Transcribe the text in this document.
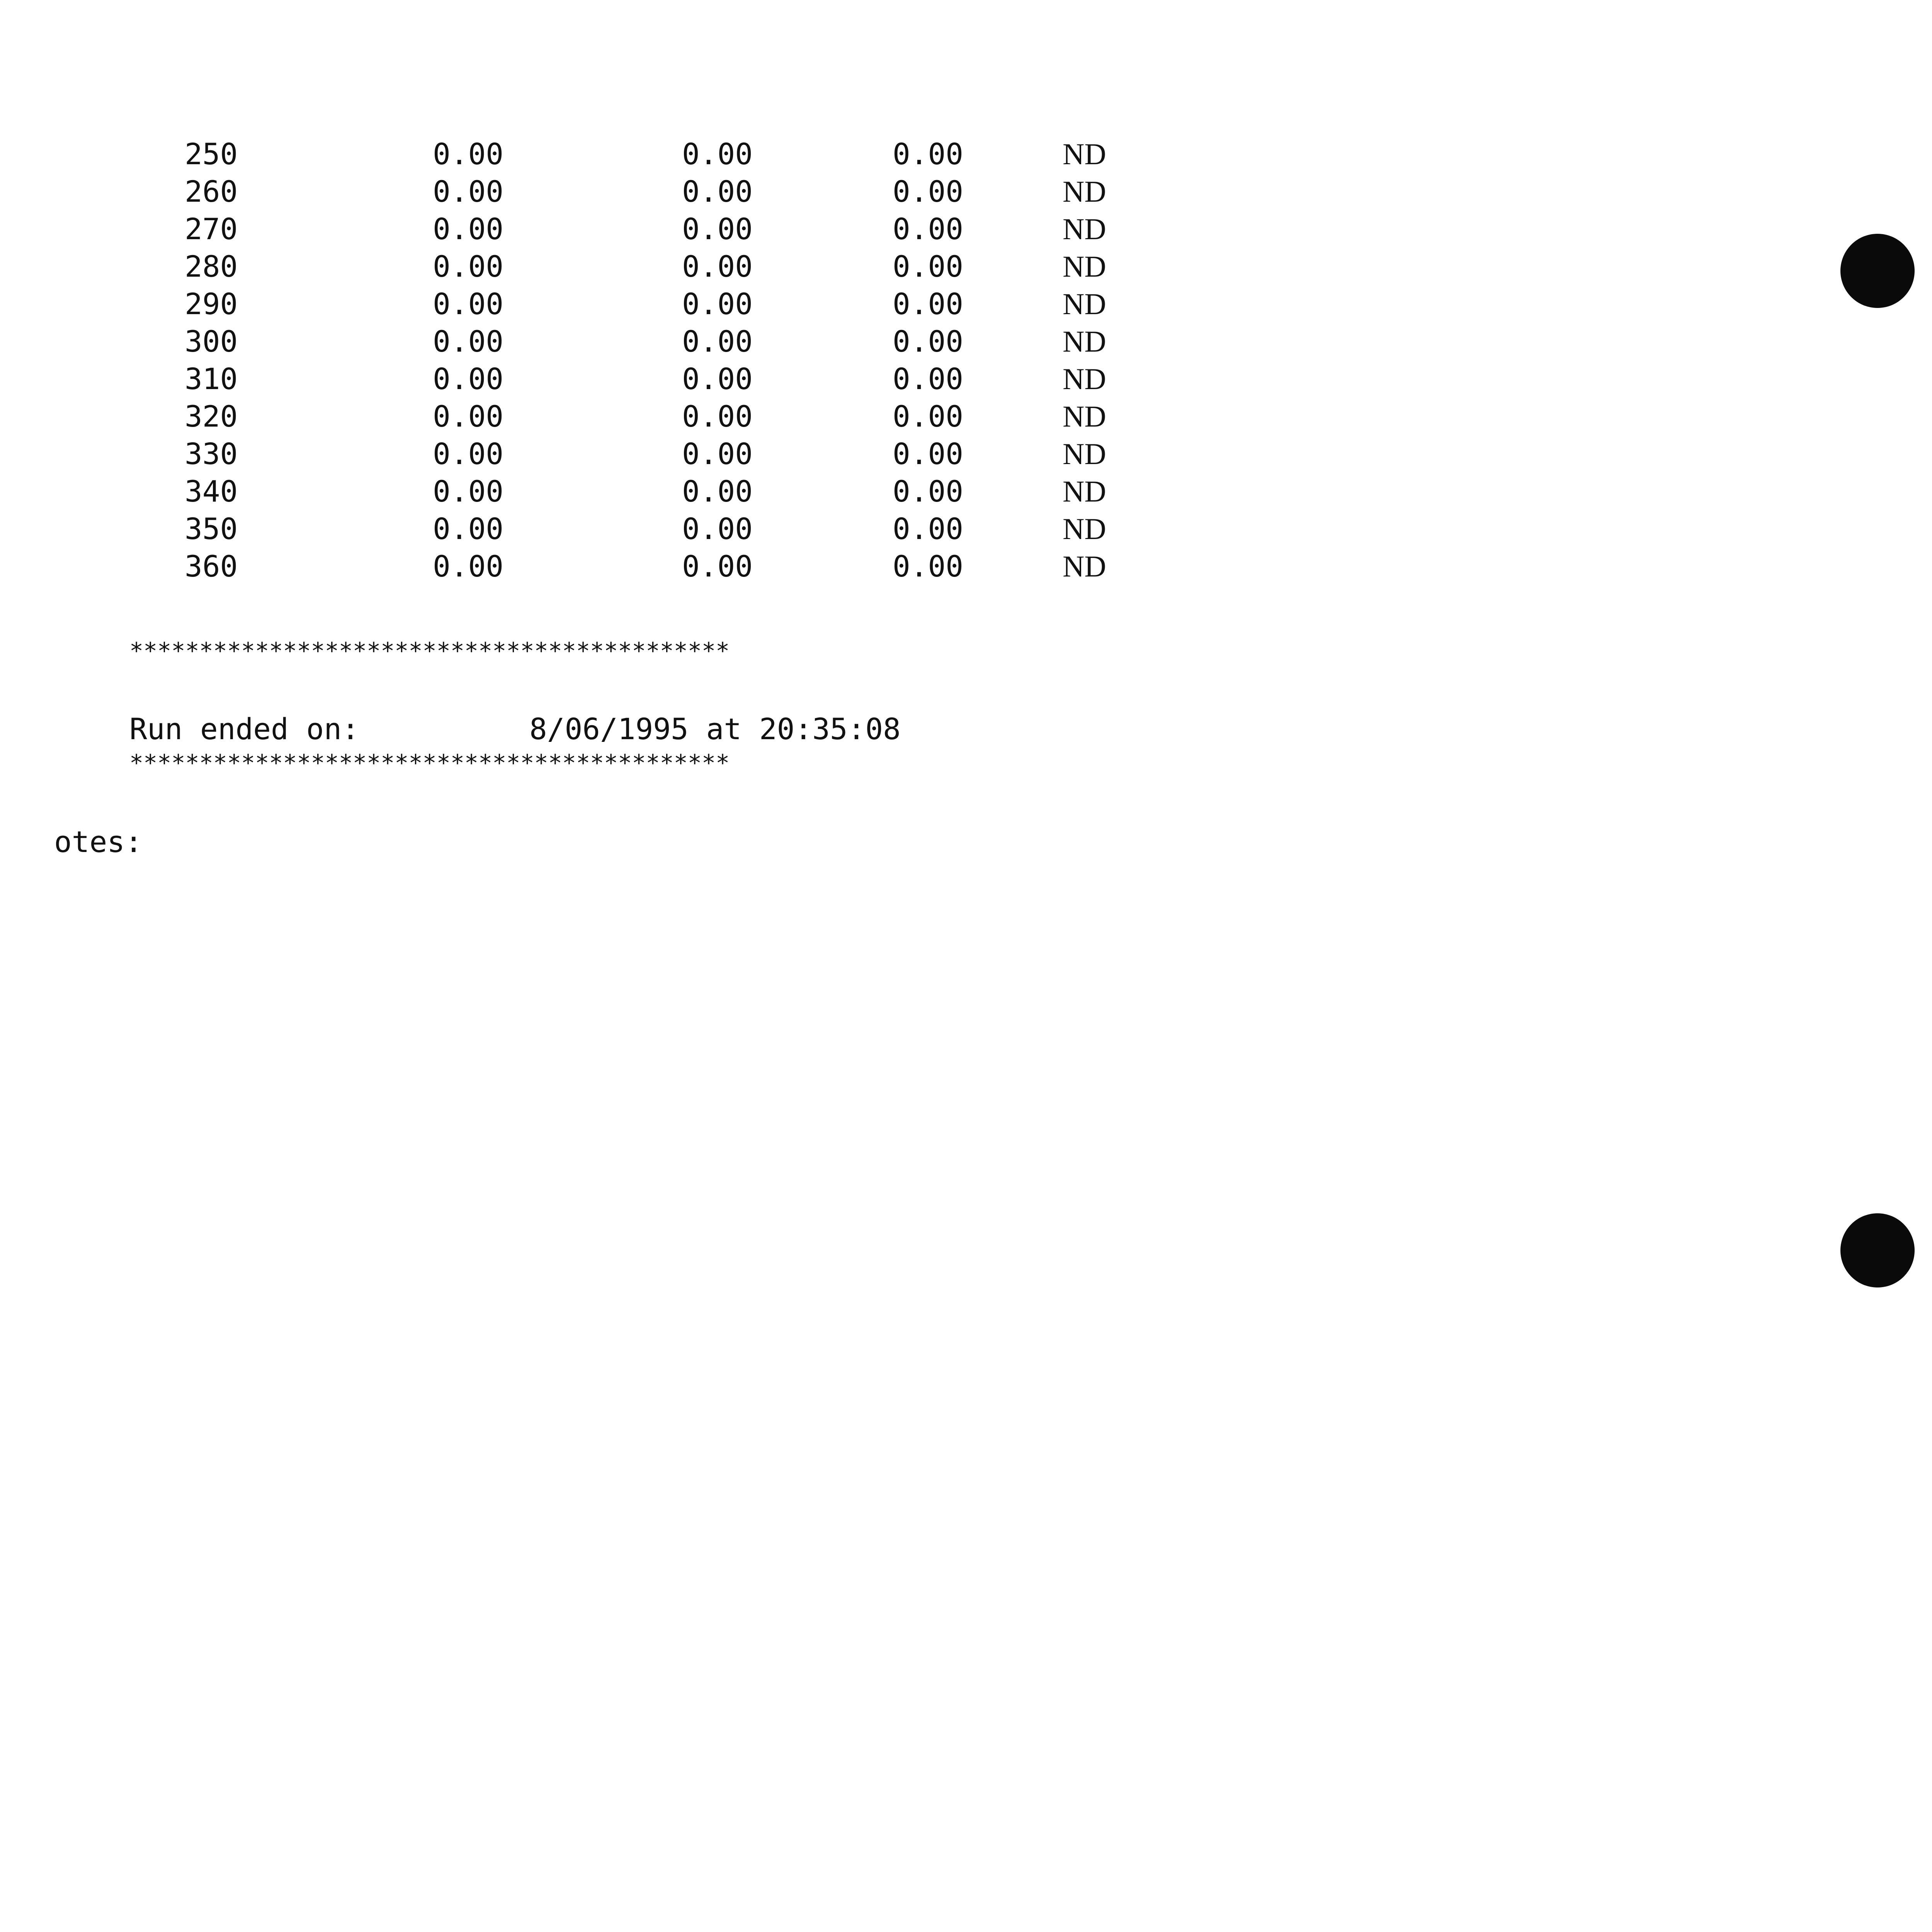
250	0.00	0.00	0.00	ND
260	0.00	0.00	0.00	ND
270	0.00	0.00	0.00	ND
280	0.00	0.00	0.00	ND
290	0.00	0.00	0.00	ND
300	0.00	0.00	0.00	ND
310	0.00	0.00	0.00	ND
320	0.00	0.00	0.00	ND
330	0.00	0.00	0.00	ND
340	0.00	0.00	0.00	ND
350	0.00	0.00	0.00	ND
360	0.00	0.00	0.00	ND
*******************************************

Run ended on:

	8/06/1995 at 20:35:08

*******************************************
otes:
